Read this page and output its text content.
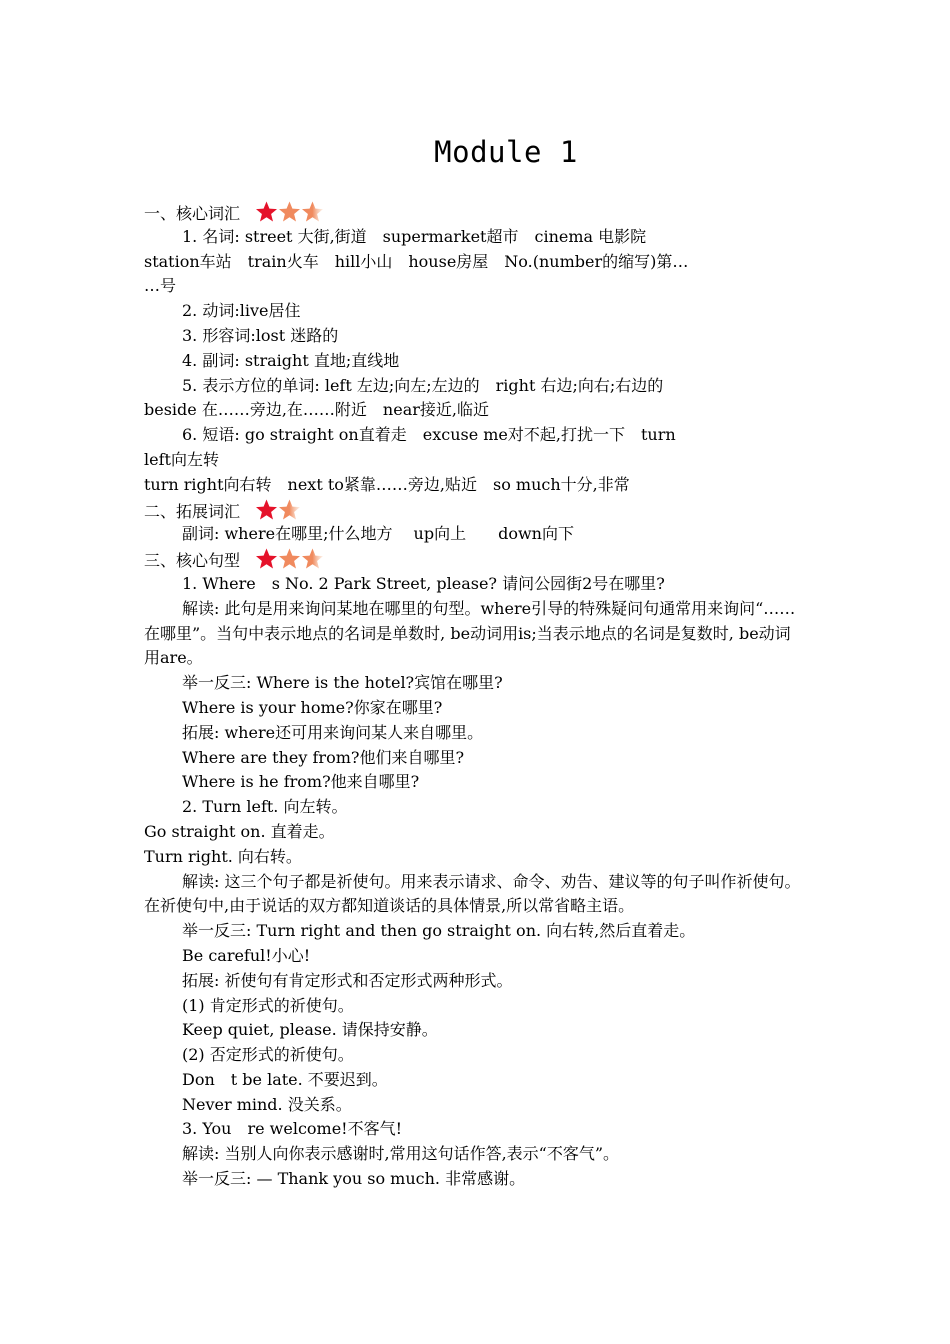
Module 1
一、核心词汇
1. 名词: street 大街,街道　supermarket超市　cinema 电影院
station车站　train火车　hill小山　house房屋　No.(number的缩写)第…
…号
2. 动词:live居住
3. 形容词:lost 迷路的
4. 副词: straight 直地;直线地
5. 表示方位的单词: left 左边;向左;左边的　right 右边;向右;右边的
beside 在……旁边,在……附近　near接近,临近
6. 短语: go straight on直着走　excuse me对不起,打扰一下　turn
left向左转
turn right向右转　next to紧靠……旁边,贴近　so much十分,非常
二、拓展词汇
副词: where在哪里;什么地方　 up向上　　down向下
三、核心句型
1. Where　s No. 2 Park Street, please? 请问公园街2号在哪里?
解读: 此句是用来询问某地在哪里的句型。where引导的特殊疑问句通常用来询问“……在哪里”。当句中表示地点的名词是单数时, be动词用is;当表示地点的名词是复数时, be动词用are。
举一反三: Where is the hotel?宾馆在哪里?
Where is your home?你家在哪里?
拓展: where还可用来询问某人来自哪里。
Where are they from?他们来自哪里?
Where is he from?他来自哪里?
2. Turn left. 向左转。
Go straight on. 直着走。
Turn right. 向右转。
解读: 这三个句子都是祈使句。用来表示请求、命令、劝告、建议等的句子叫作祈使句。在祈使句中,由于说话的双方都知道谈话的具体情景,所以常省略主语。
举一反三: Turn right and then go straight on. 向右转,然后直着走。
Be careful!小心!
拓展: 祈使句有肯定形式和否定形式两种形式。
(1) 肯定形式的祈使句。
Keep quiet, please. 请保持安静。
(2) 否定形式的祈使句。
Don　t be late. 不要迟到。
Never mind. 没关系。
3. You　re welcome!不客气!
解读: 当别人向你表示感谢时,常用这句话作答,表示“不客气”。
举一反三: — Thank you so much. 非常感谢。
